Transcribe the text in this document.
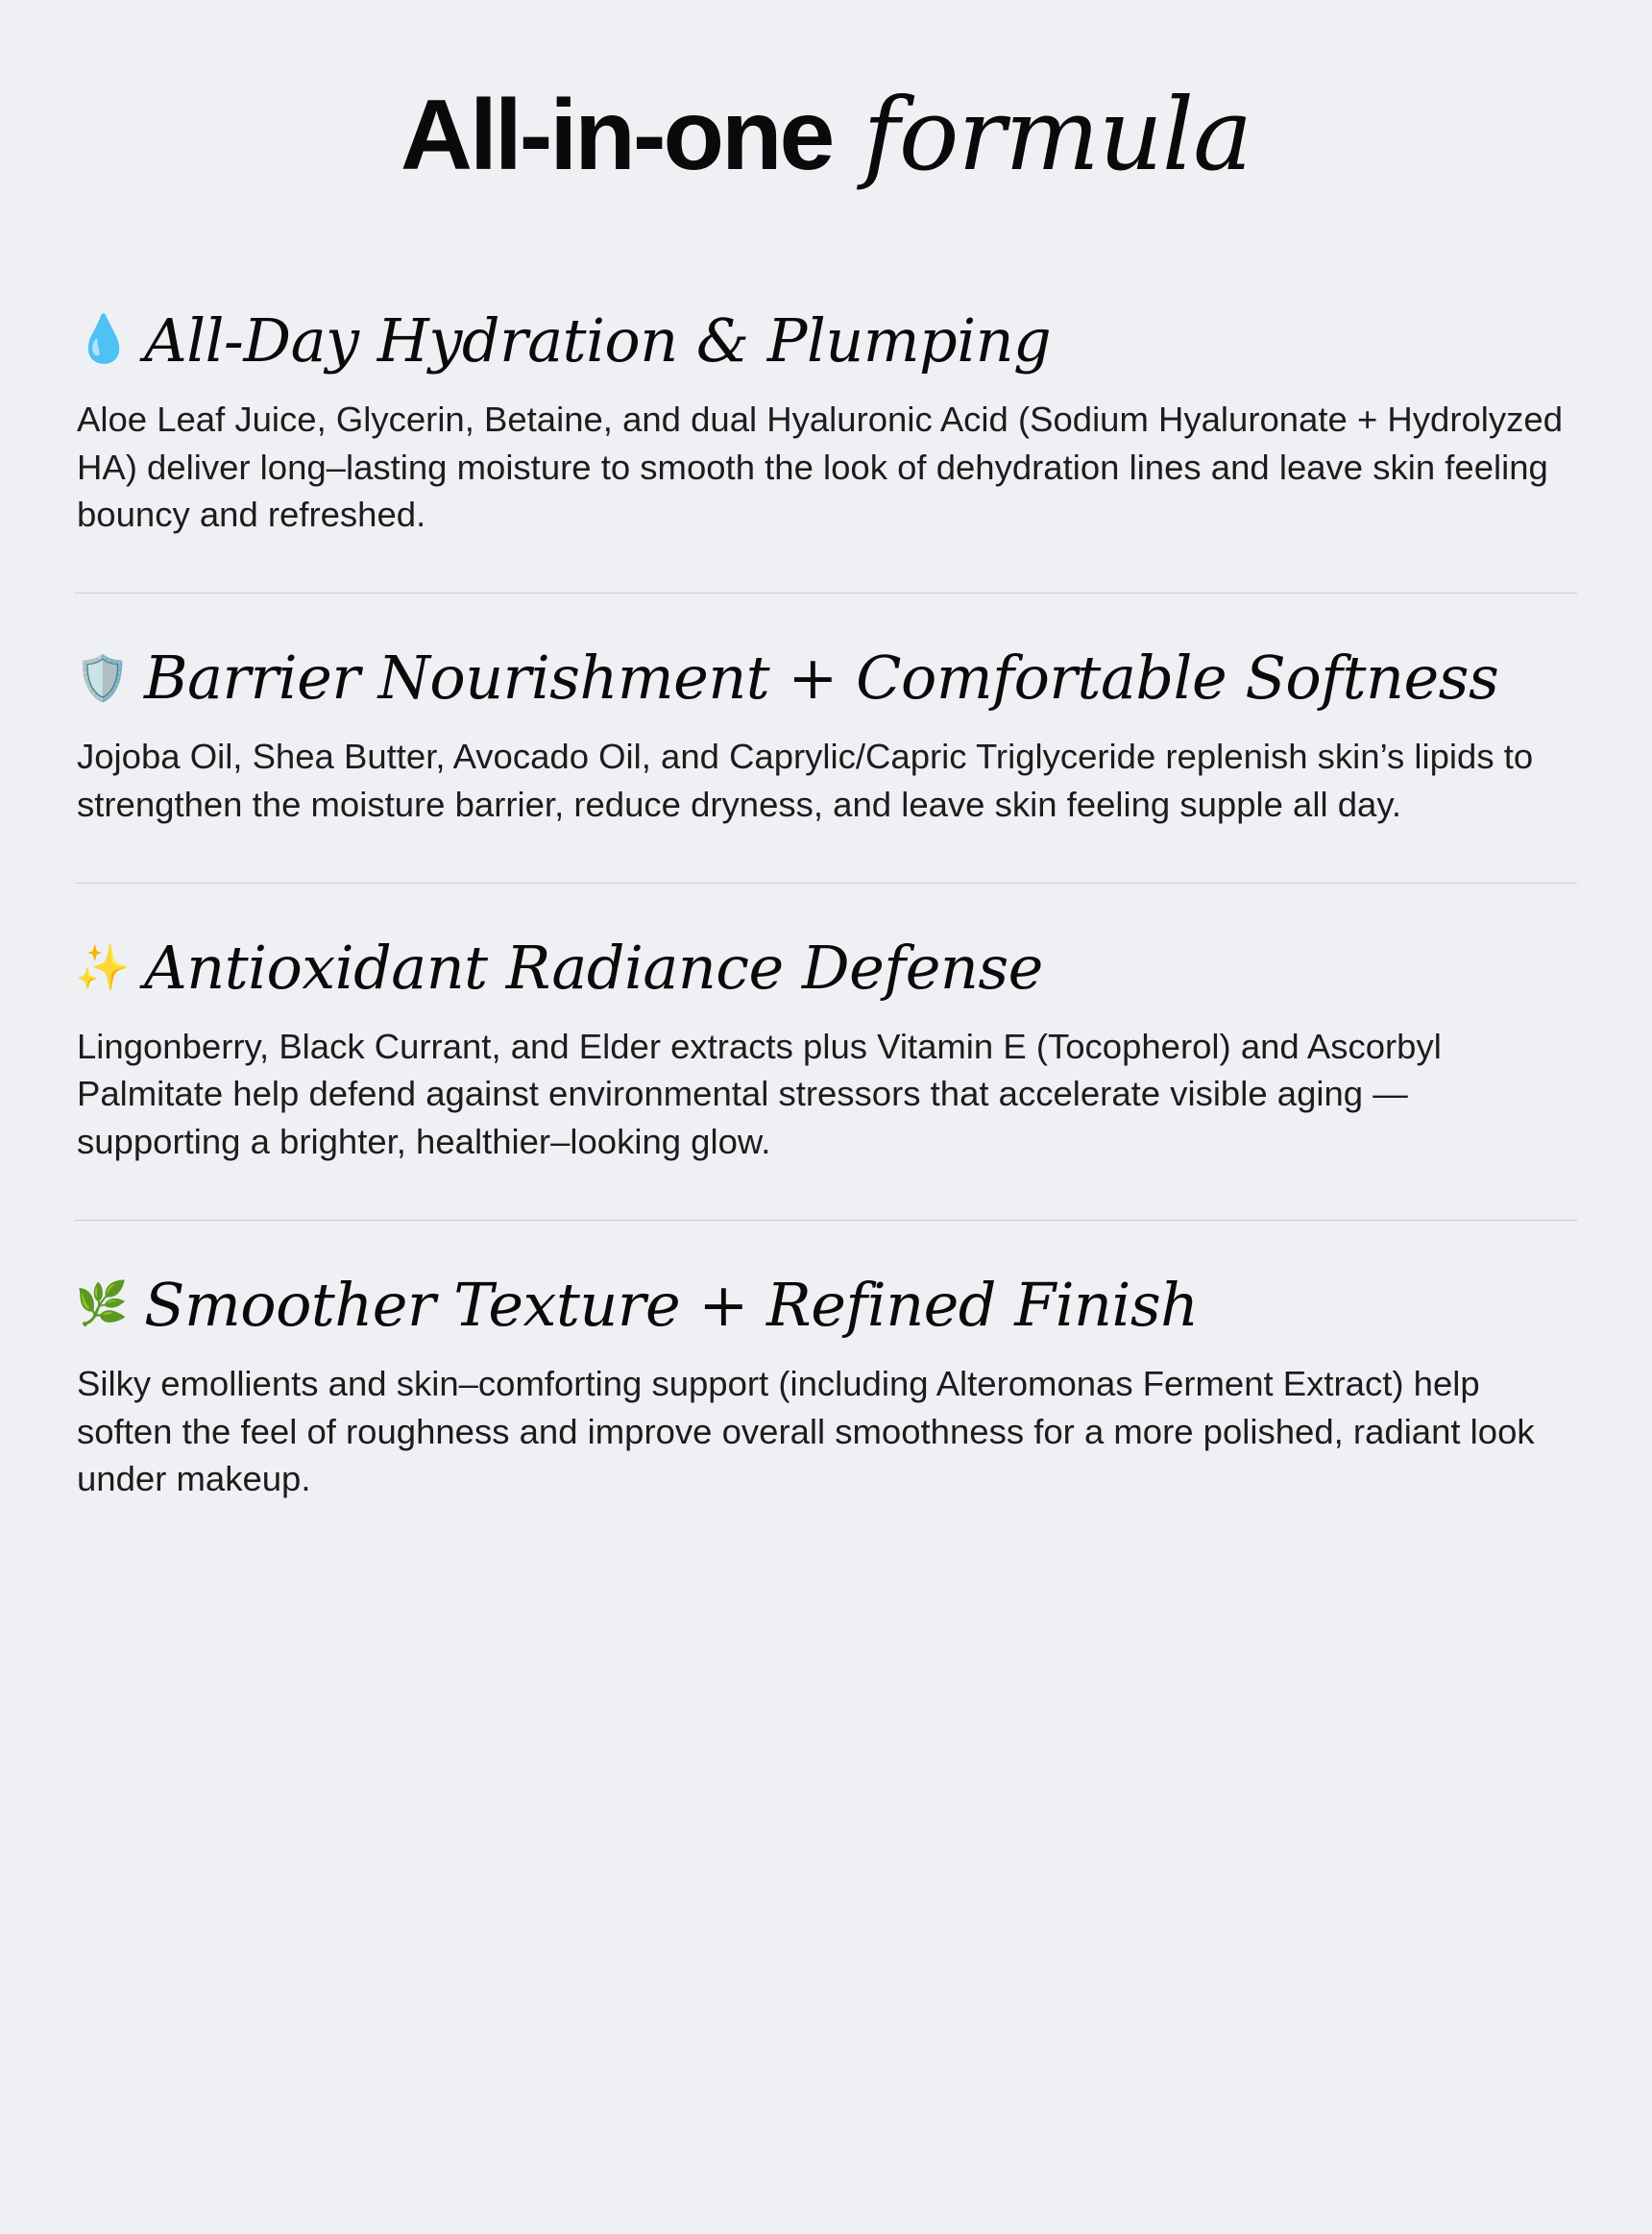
All-in-one formula
💧 All-Day Hydration & Plumping

Aloe Leaf Juice, Glycerin, Betaine, and dual Hyaluronic Acid (Sodium Hyaluronate + Hydrolyzed HA) deliver long–lasting moisture to smooth the look of dehydration lines and leave skin feeling bouncy and refreshed.

🛡️ Barrier Nourishment + Comfortable Softness

Jojoba Oil, Shea Butter, Avocado Oil, and Caprylic/Capric Triglyceride replenish skin’s lipids to strengthen the moisture barrier, reduce dryness, and leave skin feeling supple all day.

✨ Antioxidant Radiance Defense

Lingonberry, Black Currant, and Elder extracts plus Vitamin E (Tocopherol) and Ascorbyl Palmitate help defend against environmental stressors that accelerate visible aging — supporting a brighter, healthier–looking glow.

🌿 Smoother Texture + Refined Finish

Silky emollients and skin–comforting support (including Alteromonas Ferment Extract) help soften the feel of roughness and improve overall smoothness for a more polished, radiant look under makeup.
